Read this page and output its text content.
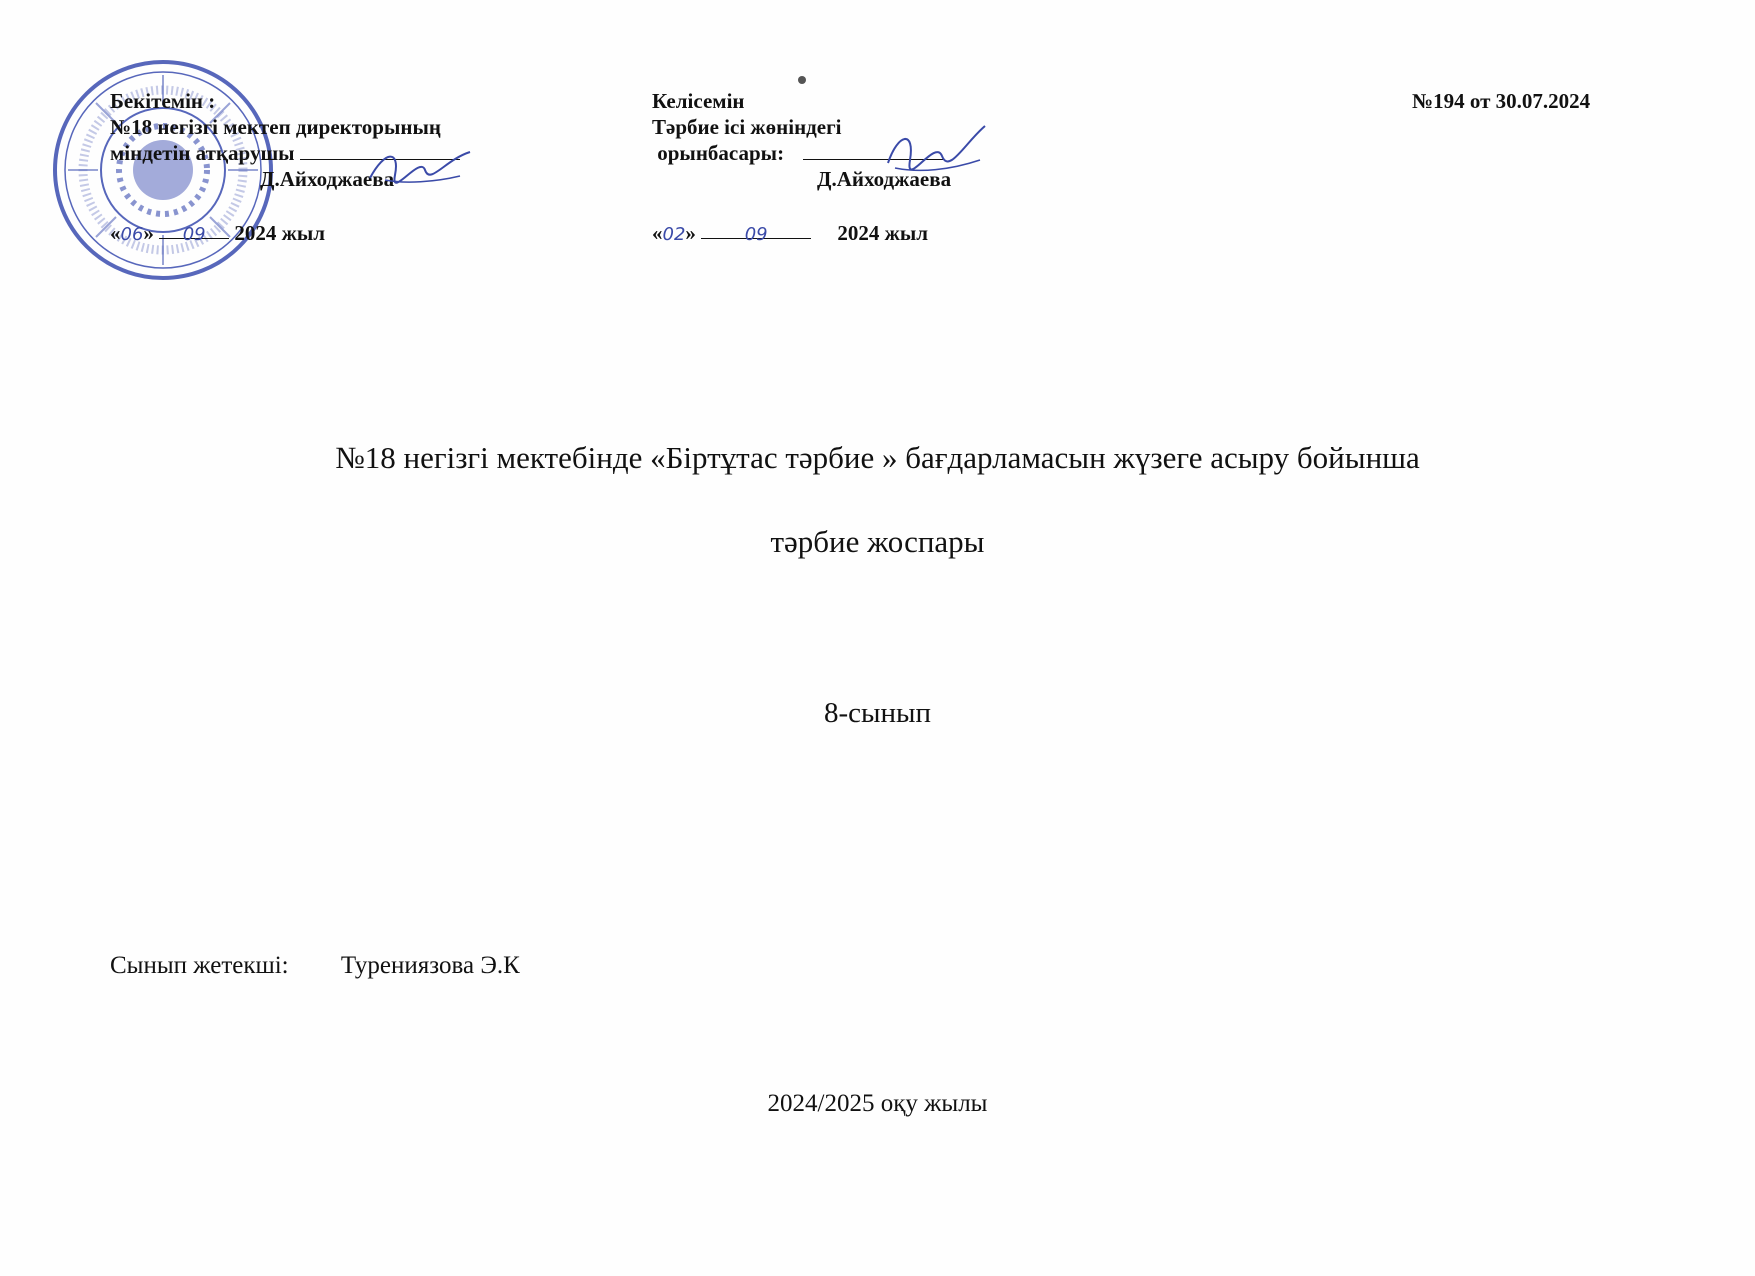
Бекітемін :
№18 негізгі мектеп директорының
міндетін атқарушы
Д.Айходжаева
«06» 09 2024 жыл
Келісемін
Тәрбие ісі жөніндегі
орынбасары:
Д.Айходжаева
«02» 09	2024 жыл
№194 от 30.07.2024
№18 негізгі мектебінде «Біртұтас тәрбие » бағдарламасын жүзеге асыру бойынша
тәрбие жоспары
8-сынып
Сынып жетекші: Турениязова Э.К
2024/2025 оқу жылы
